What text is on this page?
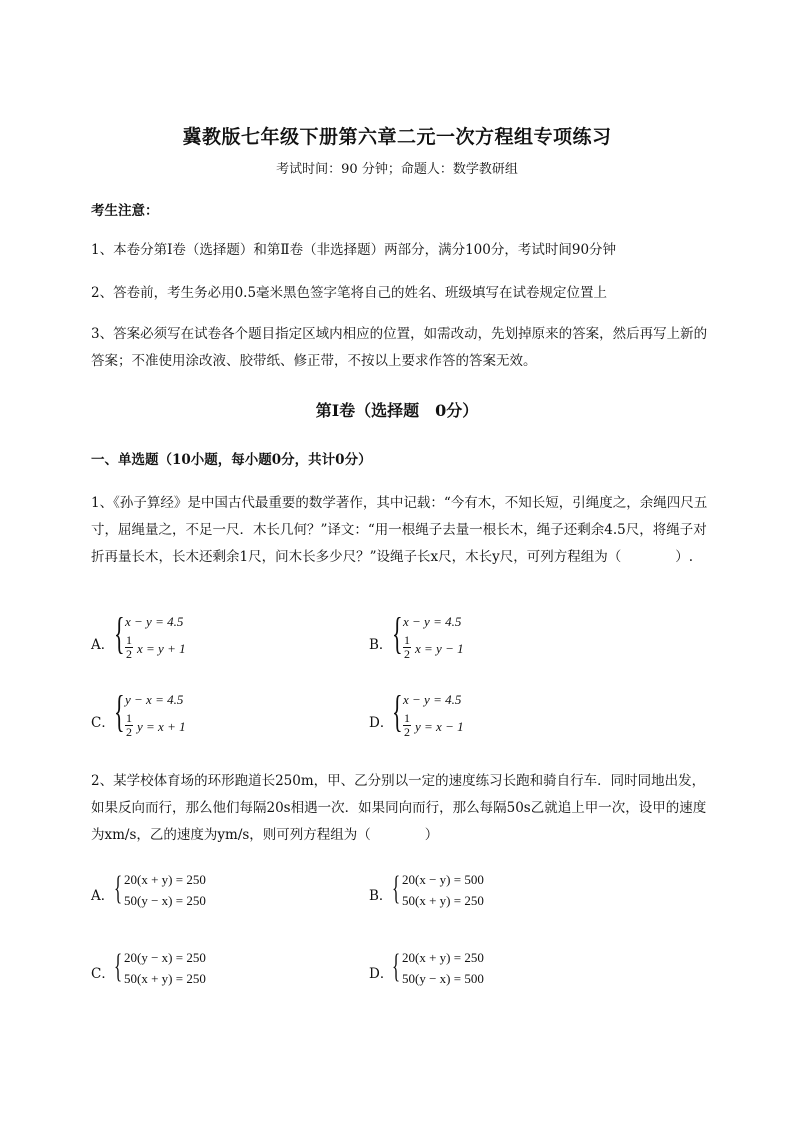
冀教版七年级下册第六章二元一次方程组专项练习
考试时间：90 分钟；命题人：数学教研组
考生注意：
1、本卷分第Ⅰ卷（选择题）和第Ⅱ卷（非选择题）两部分，满分100分，考试时间90分钟
2、答卷前，考生务必用0.5毫米黑色签字笔将自己的姓名、班级填写在试卷规定位置上
3、答案必须写在试卷各个题目指定区域内相应的位置，如需改动，先划掉原来的答案，然后再写上新的答案；不准使用涂改液、胶带纸、修正带，不按以上要求作答的答案无效。
第Ⅰ卷（选择题　0分）
一、单选题（10小题，每小题0分，共计0分）
1、《孙子算经》是中国古代最重要的数学著作，其中记载：“今有木，不知长短，引绳度之，余绳四尺五寸，屈绳量之，不足一尺．木长几何？”译文：“用一根绳子去量一根长木，绳子还剩余4.5尺，将绳子对折再量长木，长木还剩余1尺，问木长多少尺？”设绳子长x尺，木长y尺，可列方程组为（　　　　）.
A． { x − y = 4.5
$\frac{1}{2}$ x = y + 1	B． { x − y = 4.5
$\frac{1}{2}$ x = y − 1
C． { y − x = 4.5
$\frac{1}{2}$ y = x + 1	D．
{ x − y = 4.5
$\frac{1}{2}$ y = x − 1
2、某学校体育场的环形跑道长250m，甲、乙分别以一定的速度练习长跑和骑自行车．同时同地出发，如果反向而行，那么他们每隔20s相遇一次．如果同向而行，那么每隔50s乙就追上甲一次，设甲的速度为xm/s，乙的速度为ym/s，则可列方程组为（　　　　）
A． { 20(x + y) = 250
50(y − x) = 250	B． { 20(x − y) = 500
50(x + y) = 250
C． { 20(y − x) = 250
50(x + y) = 250	D．
{ 20(x + y) = 250
50(y − x) = 500
